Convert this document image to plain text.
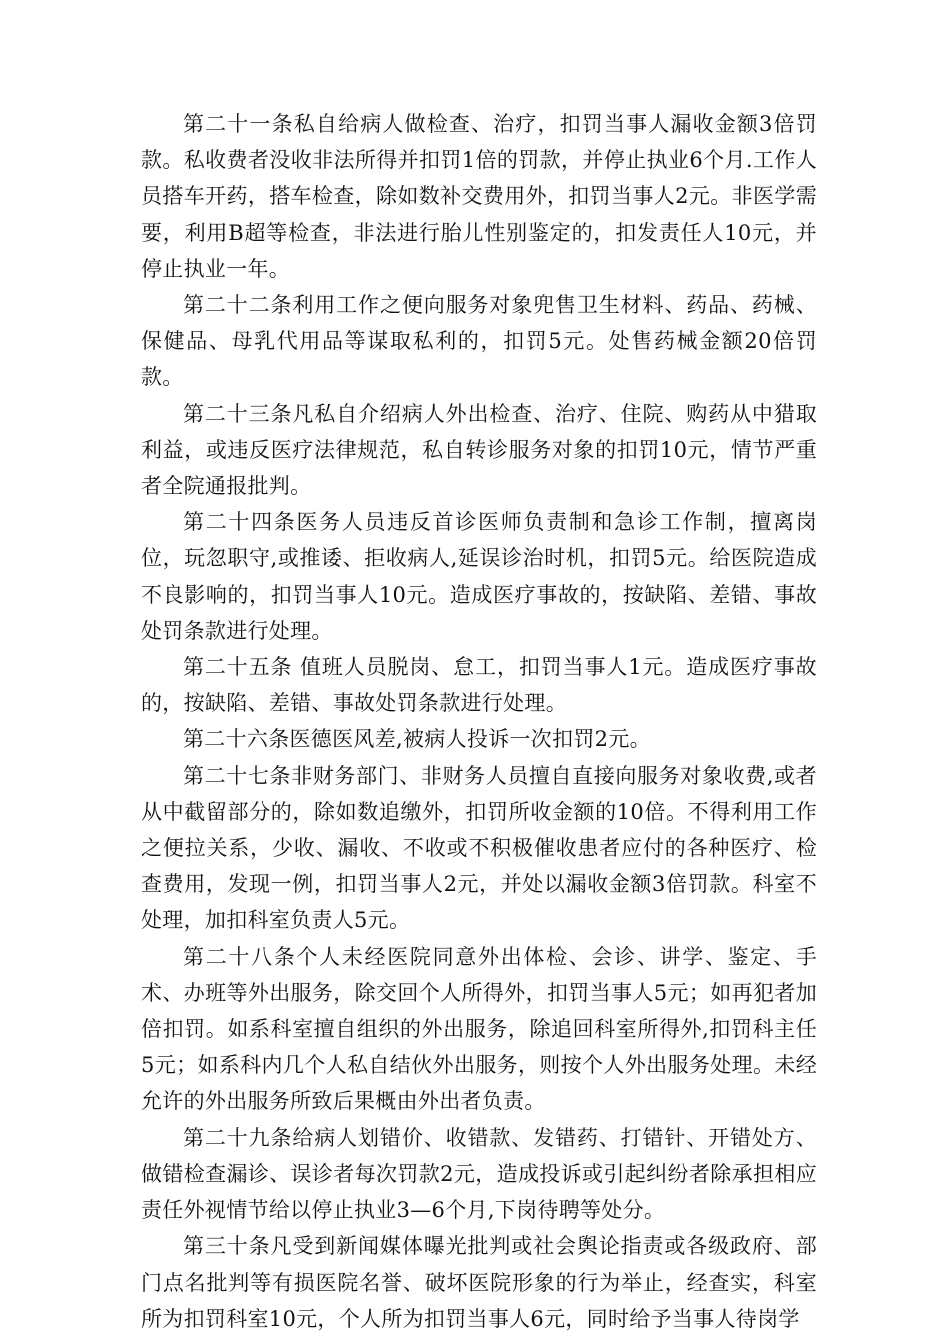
第二十一条私自给病人做检查、治疗，扣罚当事人漏收金额3倍罚款。私收费者没收非法所得并扣罚1倍的罚款，并停止执业6个月.工作人员搭车开药，搭车检查，除如数补交费用外，扣罚当事人2元。非医学需要，利用B超等检查，非法进行胎儿性别鉴定的，扣发责任人10元，并停止执业一年。

第二十二条利用工作之便向服务对象兜售卫生材料、药品、药械、保健品、母乳代用品等谋取私利的，扣罚5元。处售药械金额20倍罚款。

第二十三条凡私自介绍病人外出检查、治疗、住院、购药从中猎取利益，或违反医疗法律规范，私自转诊服务对象的扣罚10元，情节严重者全院通报批判。

第二十四条医务人员违反首诊医师负责制和急诊工作制，擅离岗位，玩忽职守,或推诿、拒收病人,延误诊治时机，扣罚5元。给医院造成不良影响的，扣罚当事人10元。造成医疗事故的，按缺陷、差错、事故处罚条款进行处理。

第二十五条 值班人员脱岗、怠工，扣罚当事人1元。造成医疗事故的，按缺陷、差错、事故处罚条款进行处理。

第二十六条医德医风差,被病人投诉一次扣罚2元。

第二十七条非财务部门、非财务人员擅自直接向服务对象收费,或者从中截留部分的，除如数追缴外，扣罚所收金额的10倍。不得利用工作之便拉关系，少收、漏收、不收或不积极催收患者应付的各种医疗、检查费用，发现一例，扣罚当事人2元，并处以漏收金额3倍罚款。科室不处理，加扣科室负责人5元。

第二十八条个人未经医院同意外出体检、会诊、讲学、鉴定、手术、办班等外出服务，除交回个人所得外，扣罚当事人5元；如再犯者加倍扣罚。如系科室擅自组织的外出服务，除追回科室所得外,扣罚科主任5元；如系科内几个人私自结伙外出服务，则按个人外出服务处理。未经允许的外出服务所致后果概由外出者负责。

第二十九条给病人划错价、收错款、发错药、打错针、开错处方、做错检查漏诊、误诊者每次罚款2元，造成投诉或引起纠纷者除承担相应责任外视情节给以停止执业3—6个月,下岗待聘等处分。

第三十条凡受到新闻媒体曝光批判或社会舆论指责或各级政府、部门点名批判等有损医院名誉、破坏医院形象的行为举止，经查实，科室所为扣罚科室10元，个人所为扣罚当事人6元，同时给予当事人待岗学
